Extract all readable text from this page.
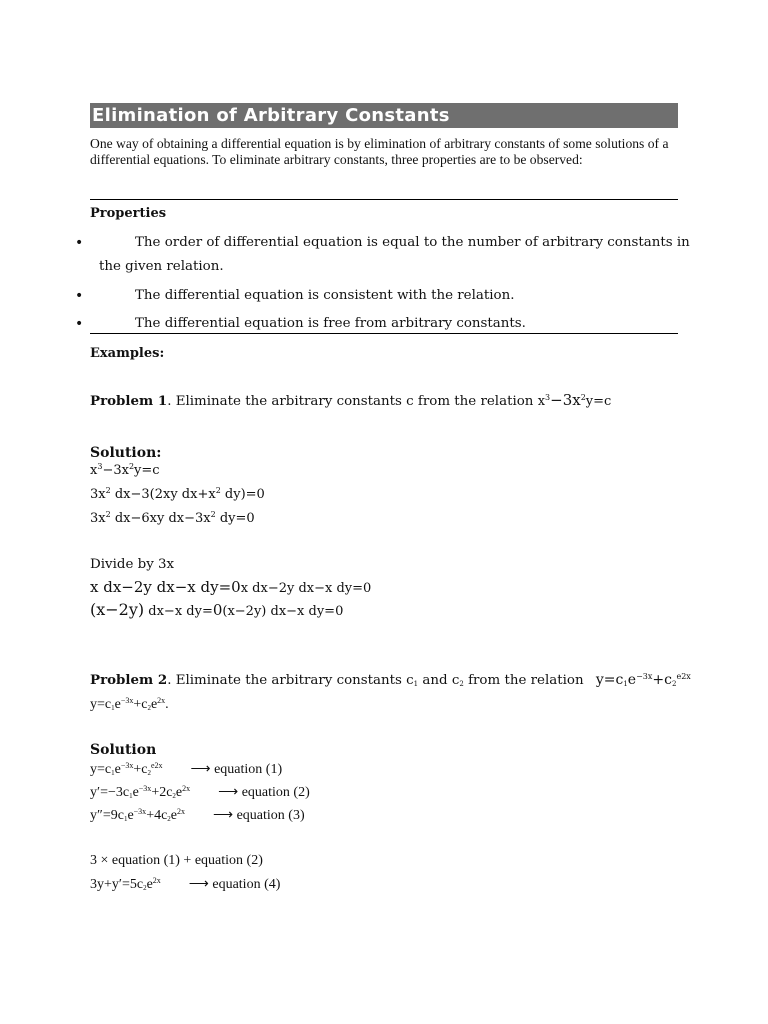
Elimination of Arbitrary Constants
One way of obtaining a differential equation is by elimination of arbitrary constants of some solutions of a differential equations. To eliminate arbitrary constants, three properties are to be observed:
Properties
•	The order of differential equation is equal to the number of arbitrary constants in
the given relation.
•	The differential equation is consistent with the relation.
•	The differential equation is free from arbitrary constants.
Examples:
Problem 1. Eliminate the arbitrary constants c from the relation $x^3-3x^2y=c$
Solution:
$x^3-3x^2y=c$
$3x^2$ dx−3(2xy $dx+x^2$ dy)=0
$3x^2$ dx−6xy $dx-3x^2$ dy=0
Divide by 3x
x dx−2y dx−x dy=0x dx−2y dx−x dy=0
(x−2y) dx−x dy=0(x−2y) dx−x dy=0
Problem 2. Eliminate the arbitrary constants $c_1$ and $c_2$ from the relation $y=c_1e^{-3x}+c_2^{e2x}$
$y=c_1e^{-3x}+c_2e^{2x}$.
Solution
$y=c_1e^{-3x}+c_2^{e2x}$ ⟶ equation (1)
$y'=-3c_1e^{-3x}+2c_2e^{2x}$ ⟶ equation (2)
$y''=9c_1e^{-3x}+4c_2e^{2x}$ ⟶ equation (3)
3 × equation (1) + equation (2)
$3y+y'=5c_2e^{2x}$ ⟶ equation (4)
